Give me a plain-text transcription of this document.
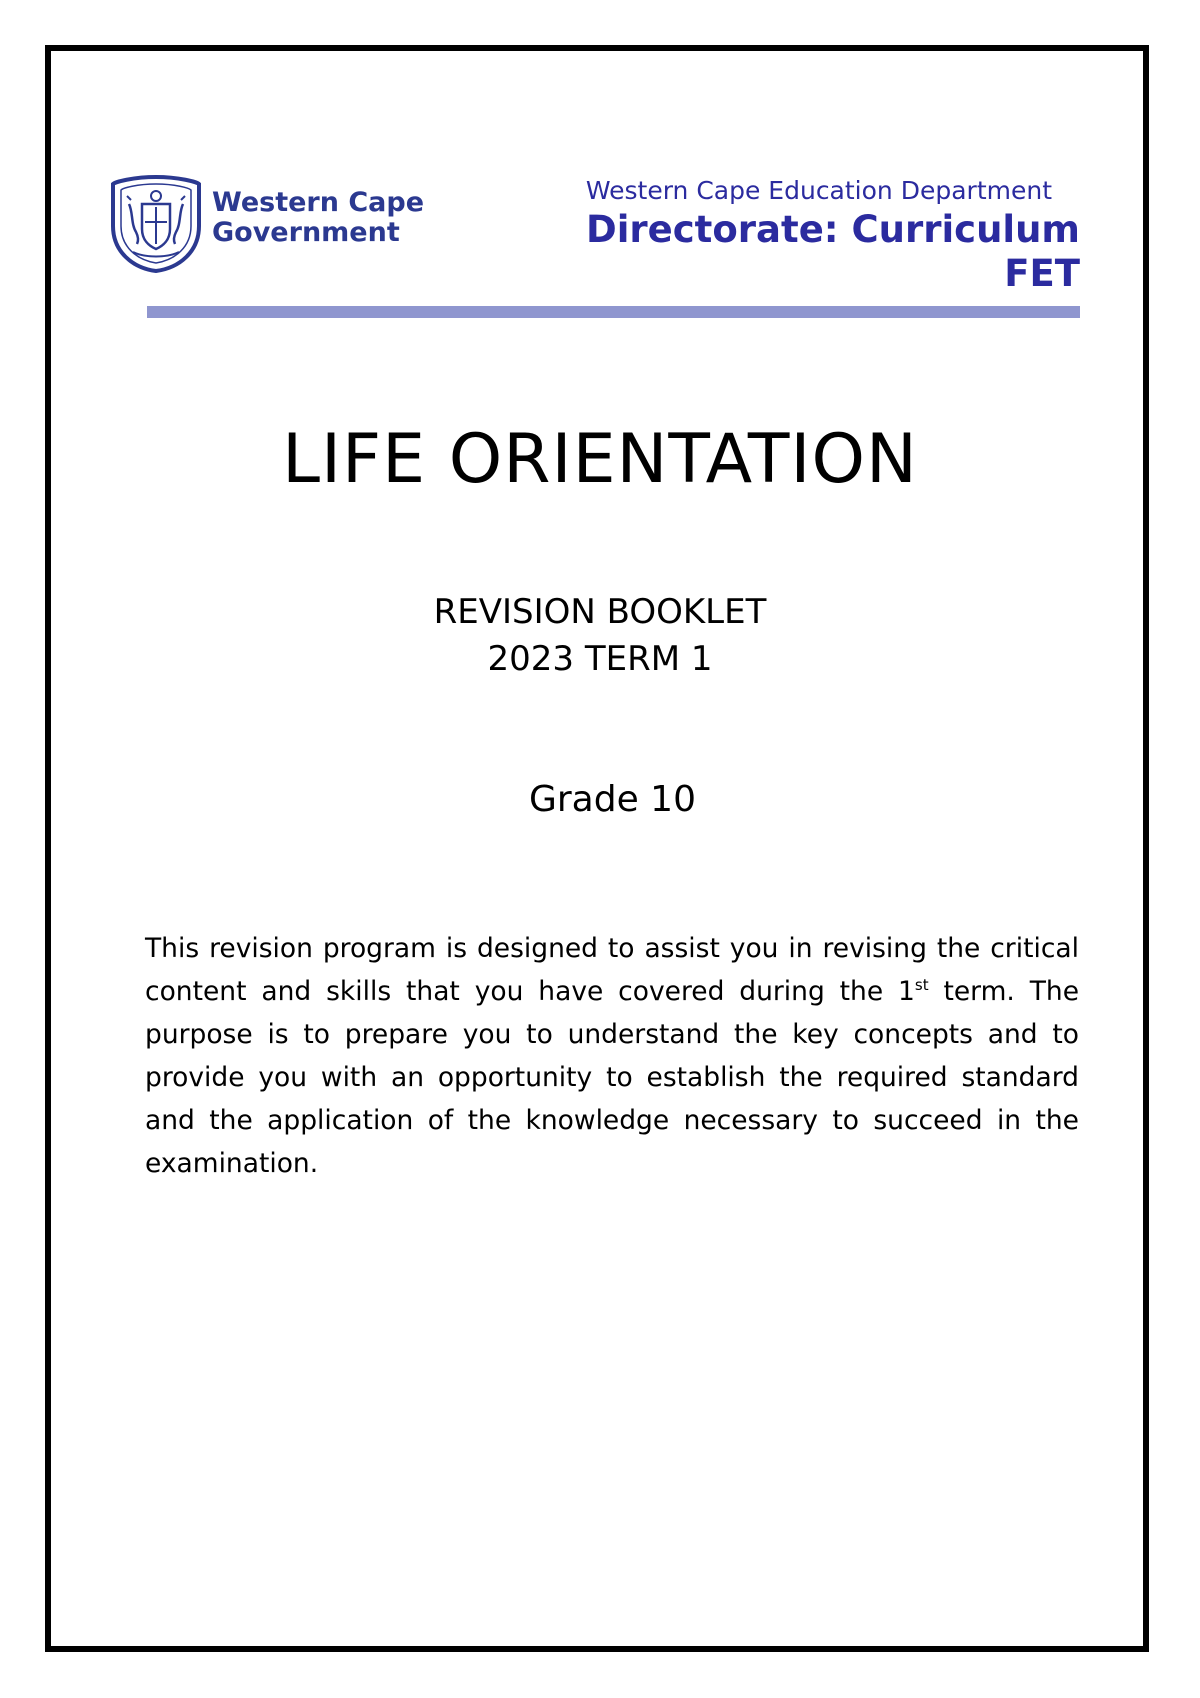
Western Cape
Government
Western Cape Education Department
Directorate: Curriculum
FET
LIFE ORIENTATION
REVISION BOOKLET
2023 TERM 1
Grade 10

This revision program is designed to assist you in revising the critical content and skills that you have covered during the 1st term. The purpose is to prepare you to understand the key concepts and to provide you with an opportunity to establish the required standard and the application of the knowledge necessary to succeed in the examination.
